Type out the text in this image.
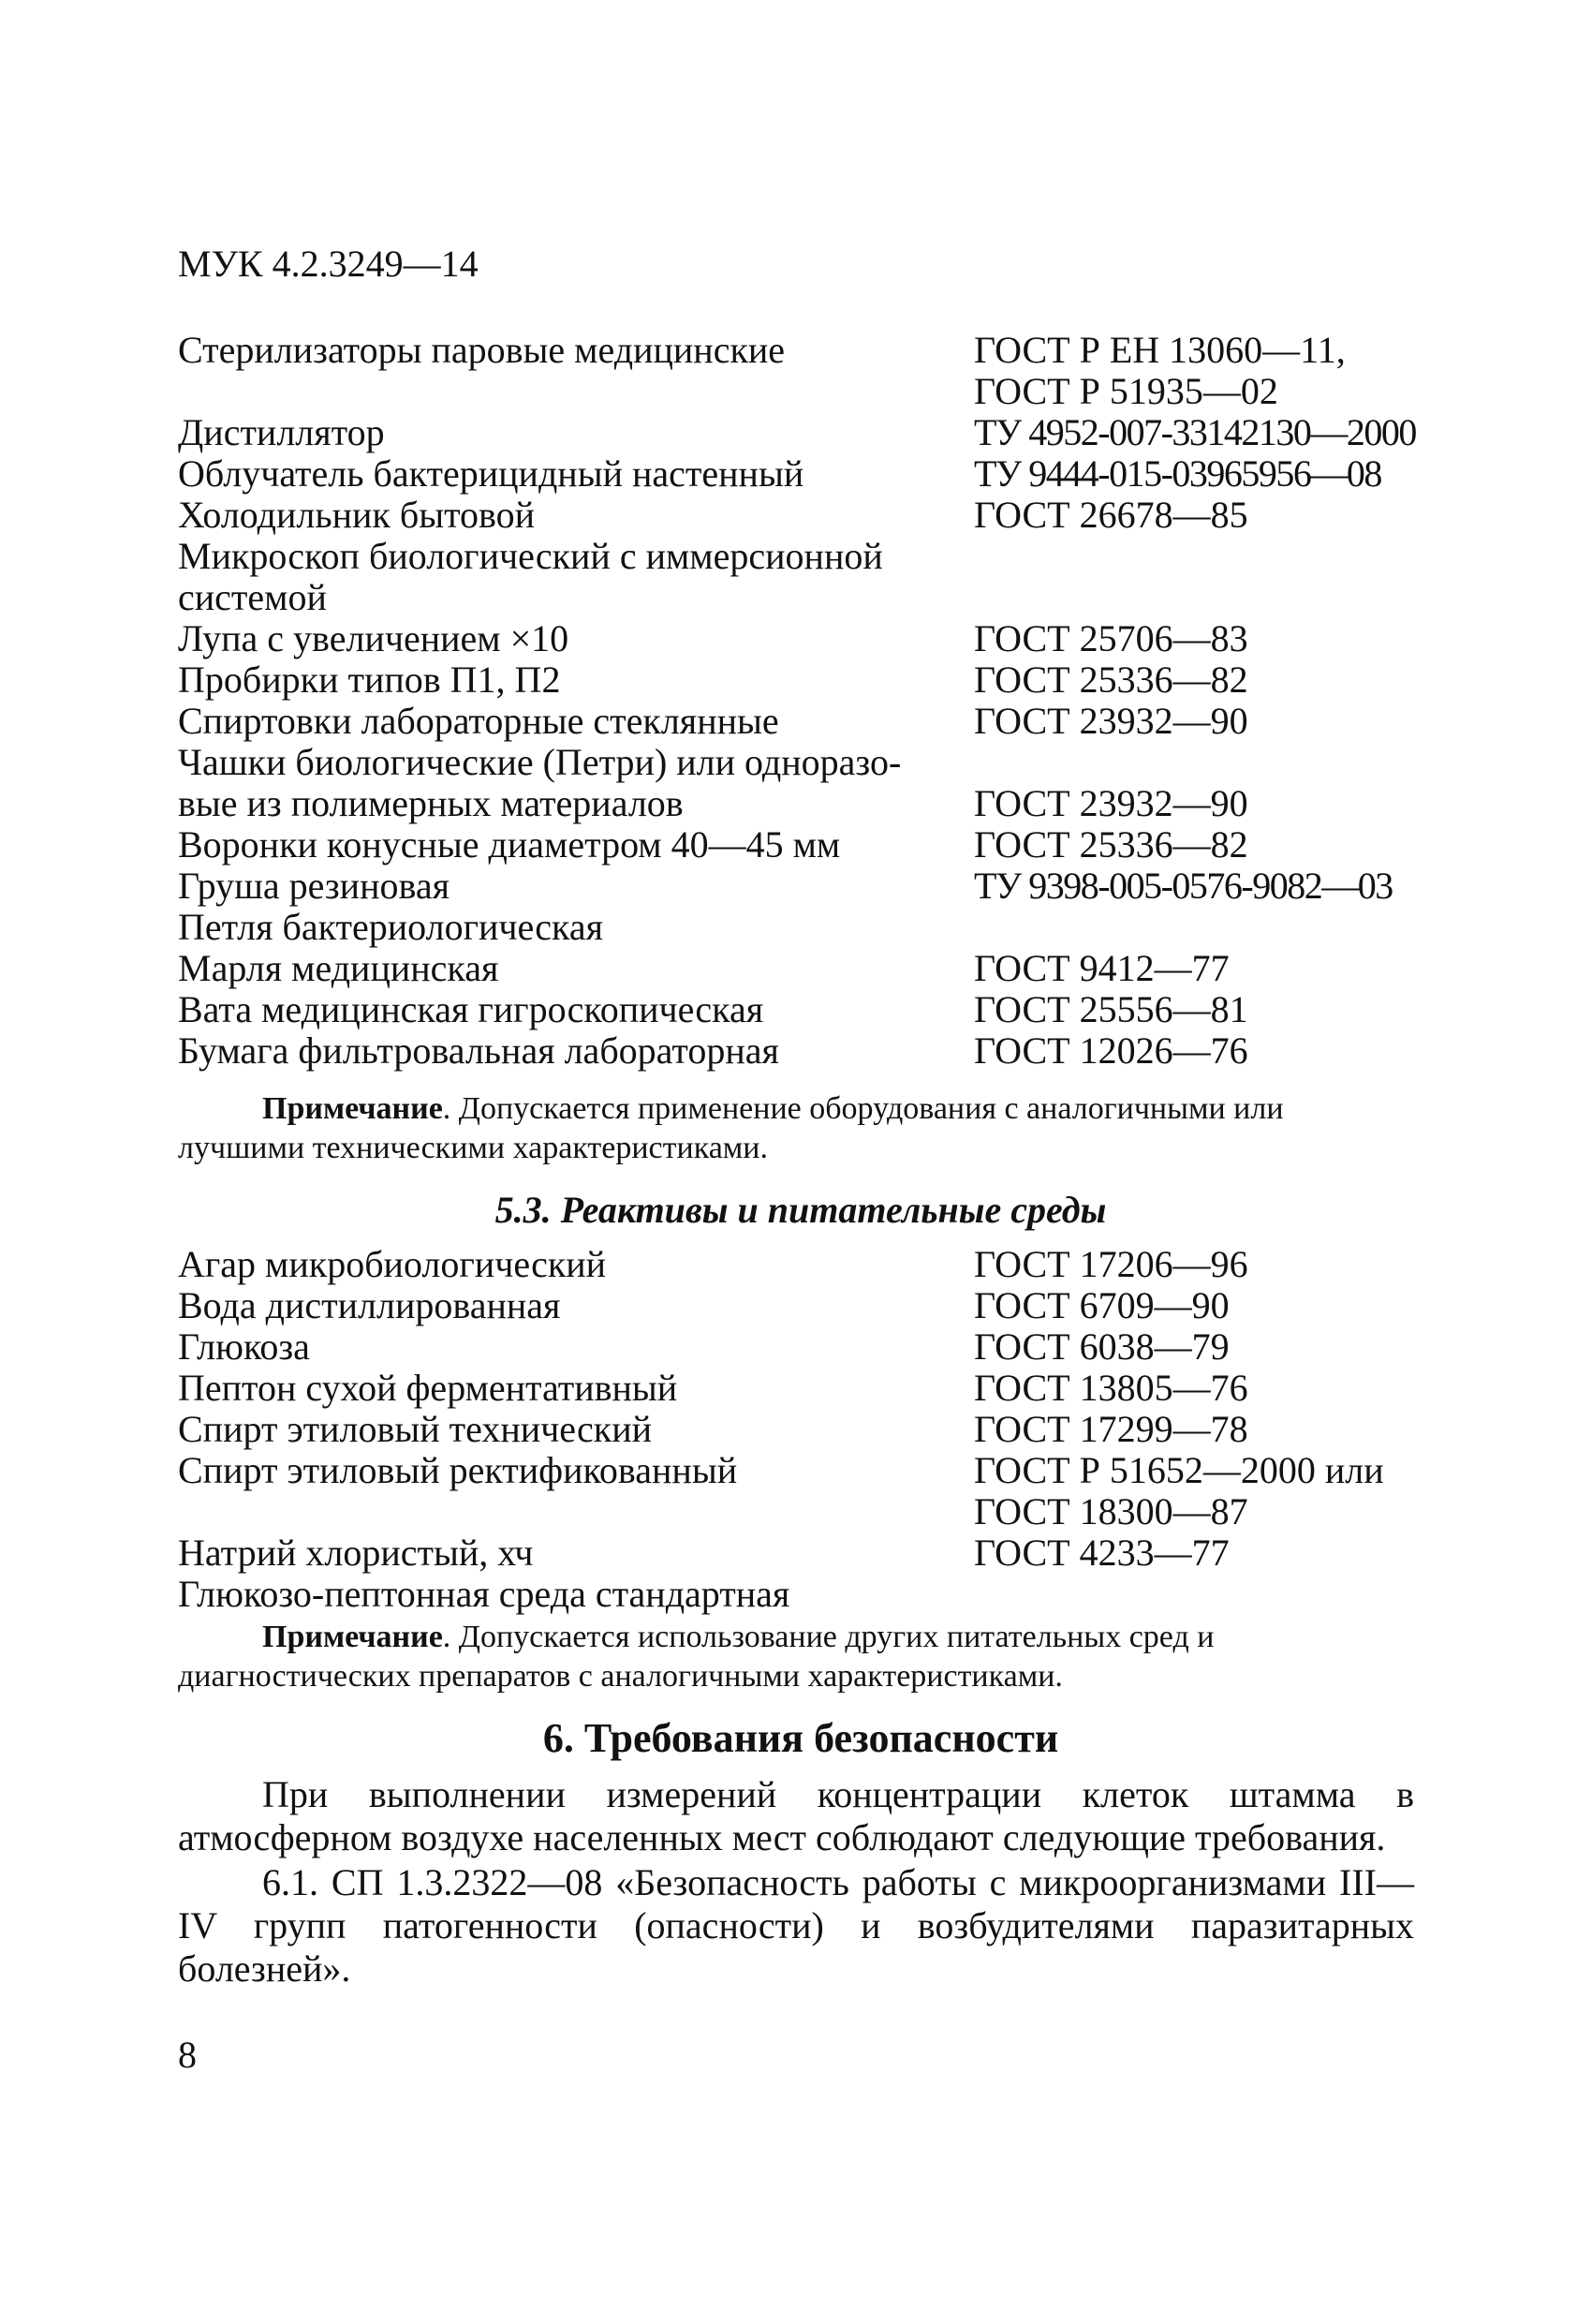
МУК 4.2.3249—14
Стерилизаторы паровые медицинские	ГОСТ Р ЕН 13060—11,
ГОСТ Р 51935—02
Дистиллятор	ТУ 4952-007-33142130—2000
Облучатель бактерицидный настенный	ТУ 9444-015-03965956—08
Холодильник бытовой	ГОСТ 26678—85
Микроскоп биологический с иммерсионной
системой
Лупа с увеличением ×10	ГОСТ 25706—83
Пробирки типов П1, П2	ГОСТ 25336—82
Спиртовки лабораторные стеклянные	ГОСТ 23932—90
Чашки биологические (Петри) или одноразо-
вые из полимерных материалов	ГОСТ 23932—90
Воронки конусные диаметром 40—45 мм	ГОСТ 25336—82
Груша резиновая	ТУ 9398-005-0576-9082—03
Петля бактериологическая
Марля медицинская	ГОСТ 9412—77
Вата медицинская гигроскопическая	ГОСТ 25556—81
Бумага фильтровальная лабораторная	ГОСТ 12026—76
Примечание. Допускается применение оборудования с аналогичными или лучшими техническими характеристиками.
5.3. Реактивы и питательные среды
Агар микробиологический	ГОСТ 17206—96
Вода дистиллированная	ГОСТ 6709—90
Глюкоза	ГОСТ 6038—79
Пептон сухой ферментативный	ГОСТ 13805—76
Спирт этиловый технический	ГОСТ 17299—78
Спирт этиловый ректификованный	ГОСТ Р 51652—2000 или
ГОСТ 18300—87
Натрий хлористый, хч	ГОСТ 4233—77
Глюкозо-пептонная среда стандартная
Примечание. Допускается использование других питательных сред и диагностических препаратов с аналогичными характеристиками.
6. Требования безопасности
При выполнении измерений концентрации клеток штамма в атмосферном воздухе населенных мест соблюдают следующие требования.
6.1. СП 1.3.2322—08 «Безопасность работы с микроорганизмами III—IV групп патогенности (опасности) и возбудителями паразитарных болезней».
8
